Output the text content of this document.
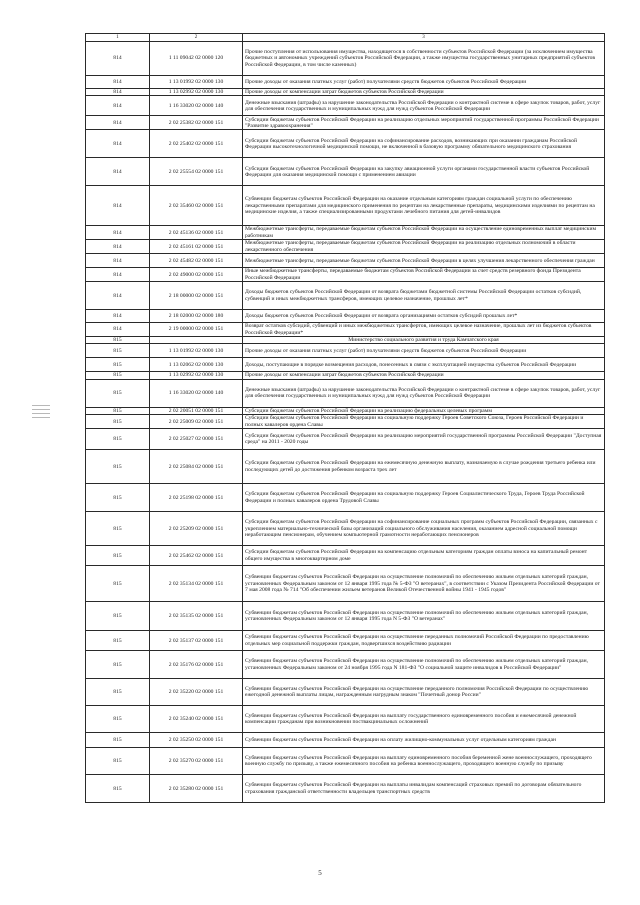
1	2	3
814	1 11 09042 02 0000 120	Прочие поступления от использования имущества, находящегося в собственности субъектов Российской Федерации (за исключением имущества бюджетных и автономных учреждений субъектов Российской Федерации, а также имущества государственных унитарных предприятий субъектов Российской Федерации, в том числе казенных)
814	1 13 01992 02 0000 130	Прочие доходы от оказания платных услуг (работ) получателями средств бюджетов субъектов Российской Федерации
814	1 13 02992 02 0000 130	Прочие доходы от компенсации затрат бюджетов субъектов Российской Федерации
814	1 16 33020 02 0000 140	Денежные взыскания (штрафы) за нарушение законодательства Российской Федерации о контрактной системе в сфере закупок товаров, работ, услуг для обеспечения государственных и муниципальных нужд для нужд субъектов Российской Федерации
814	2 02 25382 02 0000 151	Субсидии бюджетам субъектов Российской Федерации на реализацию отдельных мероприятий государственной программы Российской Федерации "Развитие здравоохранения"
814	2 02 25402 02 0000 151	Субсидии бюджетам субъектов Российской Федерации на софинансирование расходов, возникающих при оказании гражданам Российской Федерации высокотехнологичной медицинской помощи, не включенной в базовую программу обязательного медицинского страхования
814	2 02 25554 02 0000 151	Субсидии бюджетам субъектов Российской Федерации на закупку авиационной услуги органами государственной власти субъектов Российской Федерации для оказания медицинской помощи с применением авиации
814	2 02 35460 02 0000 151	Субвенции бюджетам субъектов Российской Федерации на оказание отдельным категориям граждан социальной услуги по обеспечению лекарственными препаратами для медицинского применения по рецептам на лекарственные препараты, медицинскими изделиями по рецептам на медицинские изделия, а также специализированными продуктами лечебного питания для детей-инвалидов
814	2 02 45136 02 0000 151	Межбюджетные трансферты, передаваемые бюджетам субъектов Российской Федерации на осуществление единовременных выплат медицинским работникам
814	2 02 45161 02 0000 151	Межбюджетные трансферты, передаваемые бюджетам субъектов Российской Федерации на реализацию отдельных полномочий в области лекарственного обеспечения
814	2 02 45482 02 0000 151	Межбюджетные трансферты, передаваемые бюджетам субъектов Российской Федерации в целях улучшения лекарственного обеспечения граждан
814	2 02 49000 02 0000 151	Иные межбюджетные трансферты, передаваемые бюджетам субъектов Российской Федерации за счет средств резервного фонда Президента Российской Федерации
814	2 18 00000 02 0000 151	Доходы бюджетов субъектов Российской Федерации от возврата бюджетами бюджетной системы Российской Федерации остатков субсидий, субвенций и иных межбюджетных трансферов, имеющих целевое назначение, прошлых лет*
814	2 18 02000 02 0000 180	Доходы бюджетов субъектов Российской Федерации от возврата организациями остатков субсидий прошлых лет*
814	2 19 00000 02 0000 151	Возврат остатков субсидий, субвенций и иных межбюджетных трансфертов, имеющих целевое назначение, прошлых лет из бюджетов субъектов Российской Федерации*
815		Министерство социального развития и труда Камчатского края
815	1 13 01992 02 0000 130	Прочие доходы от оказания платных услуг (работ) получателями средств бюджетов субъектов Российской Федерации
815	1 13 02062 02 0000 130	Доходы, поступающие в порядке возмещения расходов, понесенных в связи с эксплуатацией имущества субъектов Российской Федерации
815	1 13 02992 02 0000 130	Прочие доходы от компенсации затрат бюджетов субъектов Российской Федерации
815	1 16 33020 02 0000 140	Денежные взыскания (штрафы) за нарушение законодательства Российской Федерации о контрактной системе в сфере закупок товаров, работ, услуг для обеспечения государственных и муниципальных нужд для нужд субъектов Российской Федерации
815	2 02 20051 02 0000 151	Субсидии бюджетам субъектов Российской Федерации на реализацию федеральных целевых программ
815	2 02 25009 02 0000 151	Субсидии бюджетам субъектов Российской Федерации на социальную поддержку Героев Советского Союза, Героев Российской Федерации и полных кавалеров ордена Славы
815	2 02 25027 02 0000 151	Субсидии бюджетам субъектов Российской Федерации на реализацию мероприятий государственной программы Российской Федерации "Доступная среда" на 2011 - 2020 годы
815	2 02 25084 02 0000 151	Субсидии бюджетам субъектов Российской Федерации на ежемесячную денежную выплату, назначаемую в случае рождения третьего ребенка или последующих детей до достижения ребенком возраста трех лет
815	2 02 25198 02 0000 151	Субсидии бюджетам субъектов Российской Федерации на социальную поддержку Героев Социалистического Труда, Героев Труда Российской Федерации и полных кавалеров ордена Трудовой Славы
815	2 02 25209 02 0000 151	Субсидии бюджетам субъектов Российской Федерации на софинансирование социальных программ субъектов Российской Федерации, связанных с укреплением материально-технической базы организаций социального обслуживания населения, оказанием адресной социальной помощи неработающим пенсионерам, обучением компьютерной грамотности неработающих пенсионеров
815	2 02 25462 02 0000 151	Субсидии бюджетам субъектов Российской Федерации на компенсацию отдельным категориям граждан оплаты взноса на капитальный ремонт общего имущества в многоквартирном доме
815	2 02 35134 02 0000 151	Субвенции бюджетам субъектов Российской Федерации на осуществление полномочий по обеспечению жильем отдельных категорий граждан, установленных Федеральным законом от 12 января 1995 года № 5-ФЗ "О ветеранах", в соответствии с Указом Президента Российской Федерации от 7 мая 2008 года № 714 "Об обеспечении жильем ветеранов Великой Отечественной войны 1941 - 1945 годов"
815	2 02 35135 02 0000 151	Субвенции бюджетам субъектов Российской Федерации на осуществление полномочий по обеспечению жильем отдельных категорий граждан, установленных Федеральным законом от 12 января 1995 года N 5-ФЗ "О ветеранах"
815	2 02 35137 02 0000 151	Субвенции бюджетам субъектов Российской Федерации на осуществление переданных полномочий Российской Федерации по предоставлению отдельных мер социальной поддержки граждан, подвергшихся воздействию радиации
815	2 02 35176 02 0000 151	Субвенции бюджетам субъектов Российской Федерации на осуществление полномочий по обеспечению жильем отдельных категорий граждан, установленных Федеральным законом от 24 ноября 1995 года N 181-ФЗ "О социальной защите инвалидов в Российской Федерации"
815	2 02 35220 02 0000 151	Субвенции бюджетам субъектов Российской Федерации на осуществление переданного полномочия Российской Федерации по осуществлению ежегодной денежной выплаты лицам, награжденным нагрудным знаком "Почетный донор России"
815	2 02 35240 02 0000 151	Субвенции бюджетам субъектов Российской Федерации на выплату государственного единовременного пособия и ежемесячной денежной компенсации гражданам при возникновении поствакцинальных осложнений
815	2 02 35250 02 0000 151	Субвенции бюджетам субъектов Российской Федерации на оплату жилищно-коммунальных услуг отдельным категориям граждан
815	2 02 35270 02 0000 151	Субвенции бюджетам субъектов Российской Федерации на выплату единовременного пособия беременной жене военнослужащего, проходящего военную службу по призыву, а также ежемесячного пособия на ребенка военнослужащего, проходящего военную службу по призыву
815	2 02 35280 02 0000 151	Субвенции бюджетам субъектов Российской Федерации на выплаты инвалидам компенсаций страховых премий по договорам обязательного страхования гражданской ответственности владельцев транспортных средств
5
